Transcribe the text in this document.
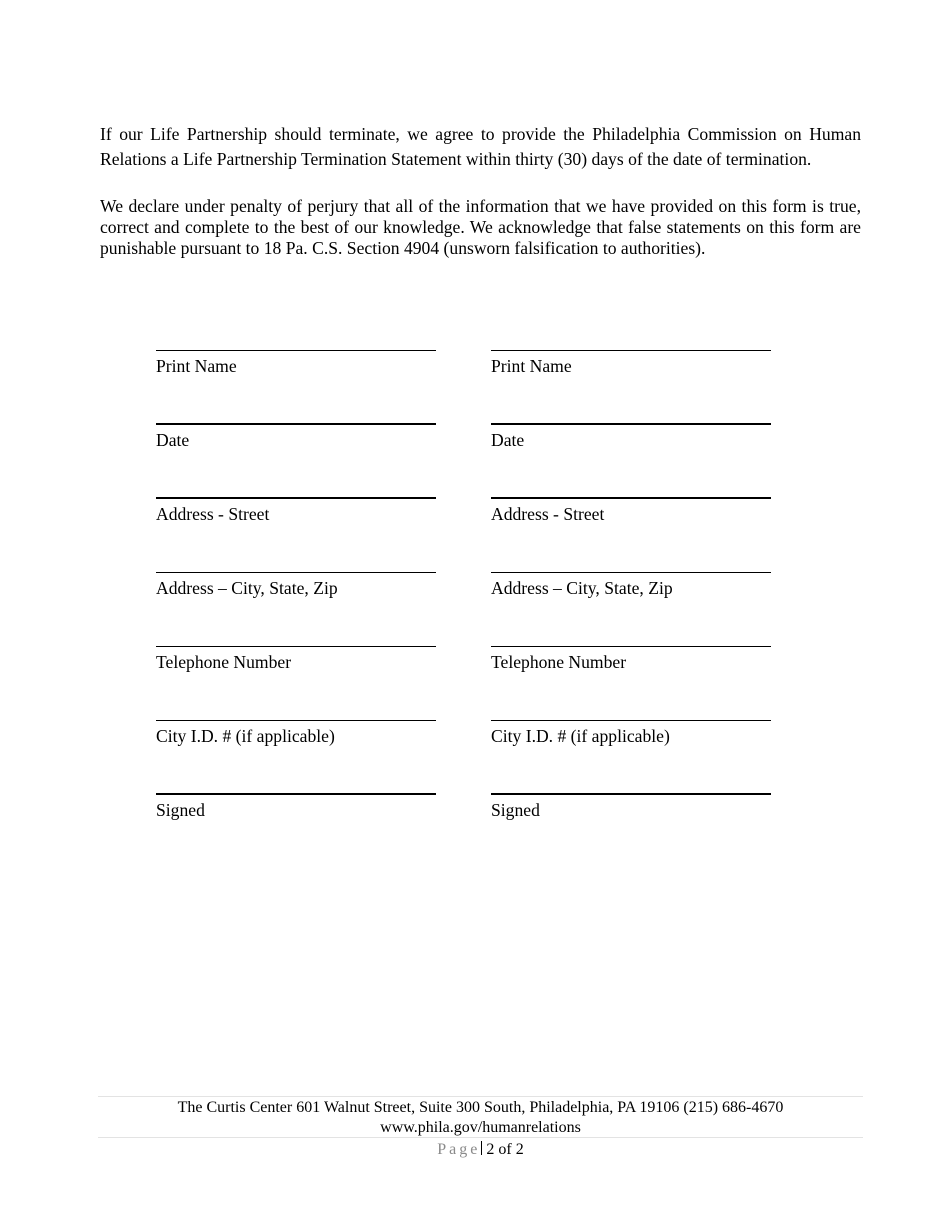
If our Life Partnership should terminate, we agree to provide the Philadelphia Commission on Human Relations a Life Partnership Termination Statement within thirty (30) days of the date of termination.

We declare under penalty of perjury that all of the information that we have provided on this form is true, correct and complete to the best of our knowledge. We acknowledge that false statements on this form are punishable pursuant to 18 Pa. C.S. Section 4904 (unsworn falsification to authorities).

Print Name
Date
Address - Street
Address – City, State, Zip
Telephone Number
City I.D. # (if applicable)
Signed
Print Name
Date
Address - Street
Address – City, State, Zip
Telephone Number
City I.D. # (if applicable)
Signed
The Curtis Center 601 Walnut Street, Suite 300 South, Philadelphia, PA 19106 (215) 686-4670
www.phila.gov/humanrelations
Page 2 of 2
